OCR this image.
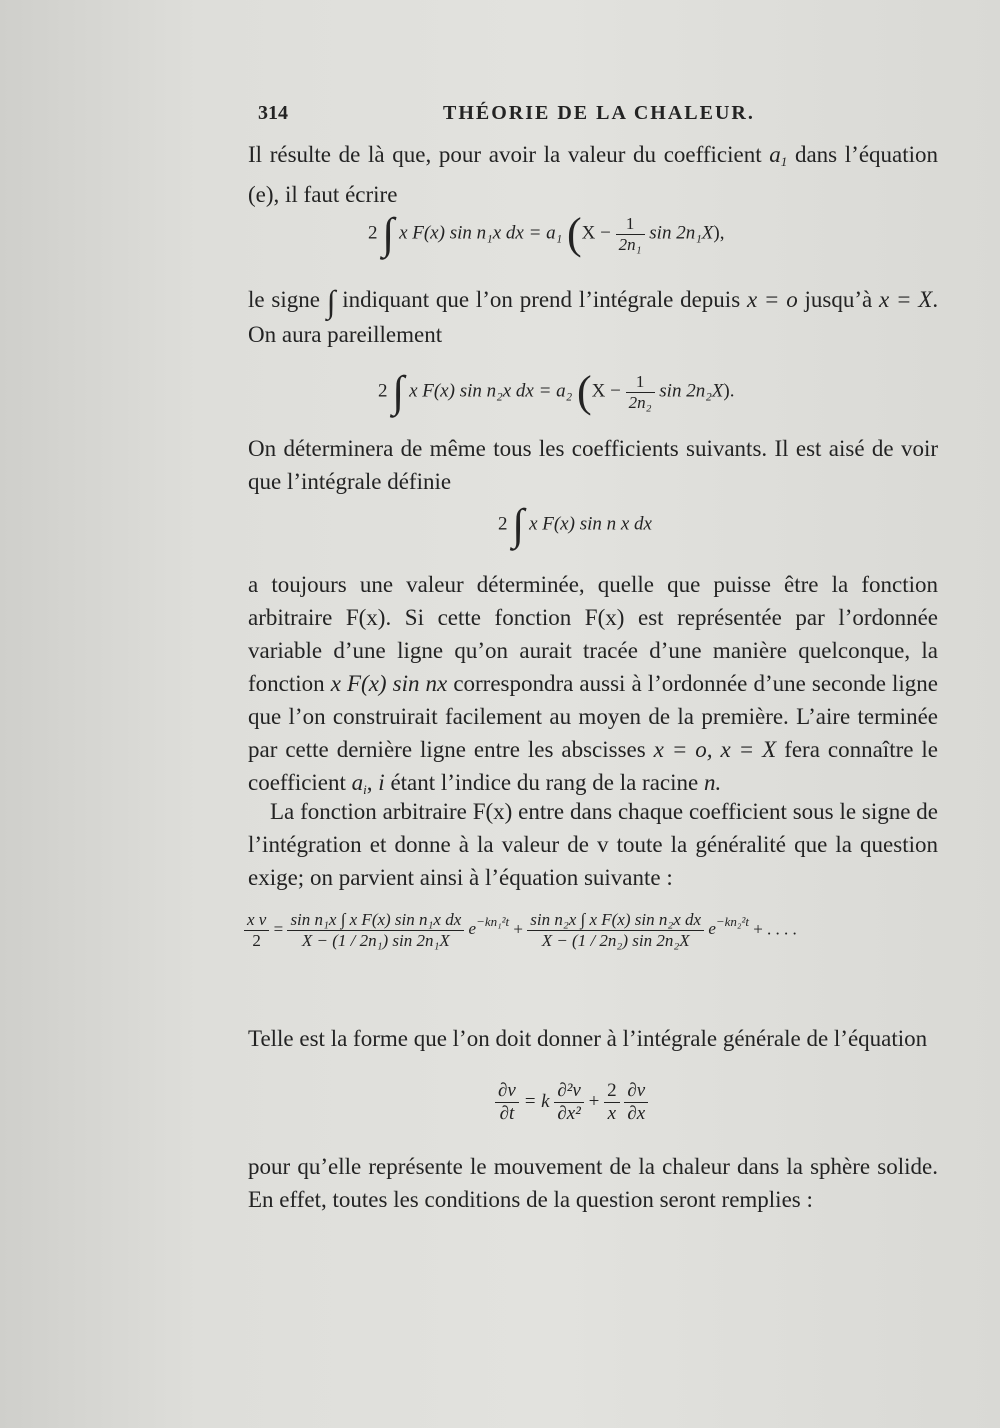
314	THÉORIE DE LA CHALEUR.
Il résulte de là que, pour avoir la valeur du coefficient $a_1$ dans l’équation (e), il faut écrire
2 ∫ x F(x) sin n₁x dx = a₁ ($X - \frac{1}{\text{2n₁}}$ sin 2n₁X),
le signe ∫ indiquant que l’on prend l’intégrale depuis x = o jusqu’à x = X. On aura pareillement
2 ∫ x F(x) sin n₂x dx = a₂ ($X - \frac{1}{\text{2n₂}}$ sin 2n₂X).
On déterminera de même tous les coefficients suivants. Il est aisé de voir que l’intégrale définie
2 ∫ x F(x) sin n x dx
a toujours une valeur déterminée, quelle que puisse être la fonction arbitraire F(x). Si cette fonction F(x) est représentée par l’ordonnée variable d’une ligne qu’on aurait tracée d’une manière quelconque, la fonction x F(x) sin nx correspondra aussi à l’ordonnée d’une seconde ligne que l’on construirait facilement au moyen de la première. L’aire terminée par cette dernière ligne entre les abscisses x = o, x = X fera connaître le coefficient $a_i$, i étant l’indice du rang de la racine n.
La fonction arbitraire F(x) entre dans chaque coefficient sous le signe de l’intégration et donne à la valeur de v toute la généralité que la question exige; on parvient ainsi à l’équation suivante :
$\frac{\text{x v}}{2} = \frac{\text{sin n₁x ∫ x F(x) sin n₁x dx}}{\text{X − (1 / 2n₁) sin 2n₁X}} e^{-kn_1^2t} + \frac{\text{sin n₂x ∫ x F(x) sin n₂x dx}}{\text{X − (1 / 2n₂) sin 2n₂X}} e^{-kn_2^2t}$ + . . . .
Telle est la forme que l’on doit donner à l’intégrale générale de l’équation
$\frac{\partial v}{\partial t} = k \frac{\text{∂²v}}{\text{∂x²}} + \frac{2}{x}$
$\frac{\partial v}{\partial x}$
pour qu’elle représente le mouvement de la chaleur dans la sphère solide. En effet, toutes les conditions de la question seront remplies :
